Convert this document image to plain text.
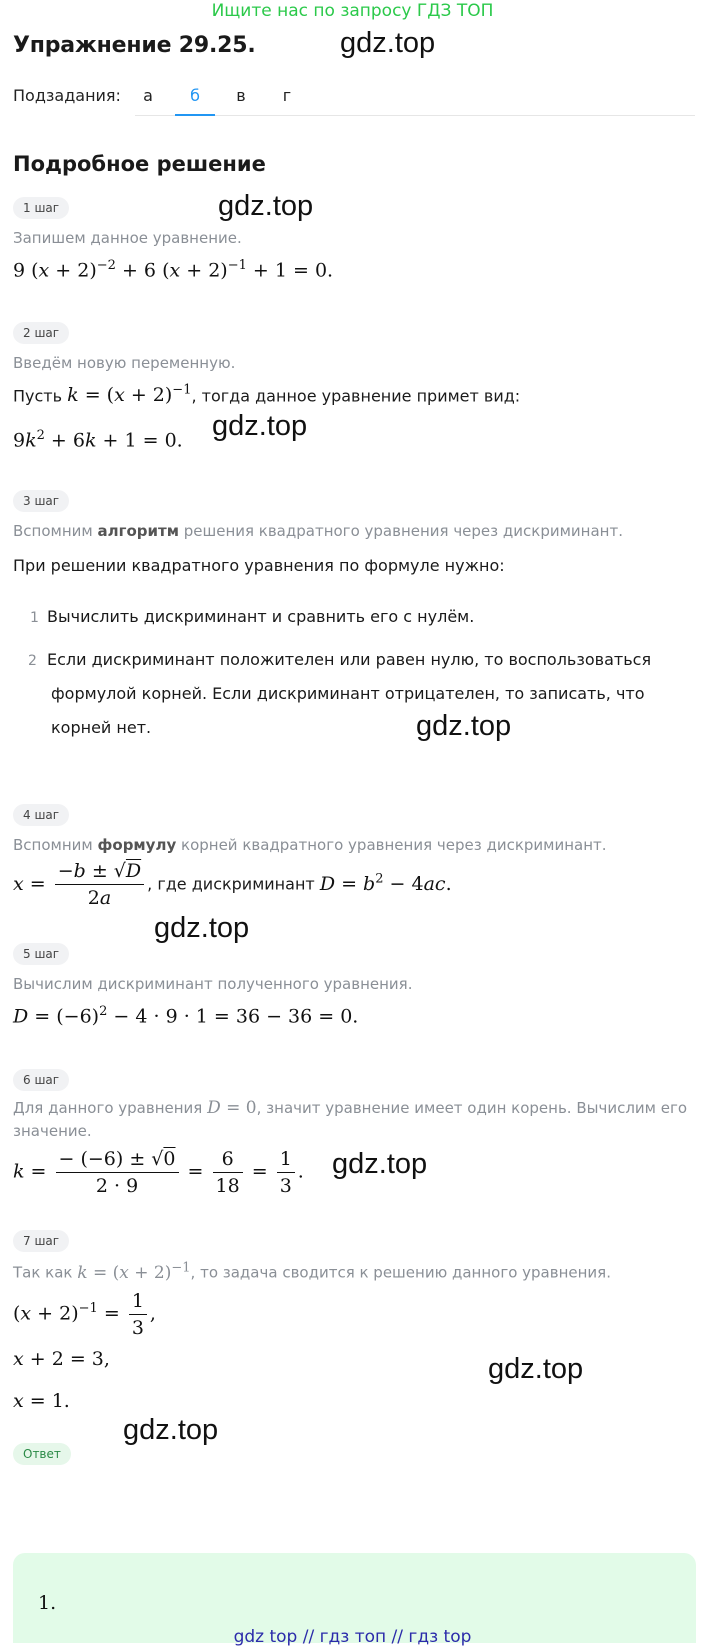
Ищите нас по запросу ГДЗ ТОП
Упражнение 29.25.	gdz.top
Подзадания:	а	б	в	г
Подробное решение
1 шаг	gdz.top
Запишем данное уравнение.
9 $(x + 2)^{-2} + 6$ $(x + 2)^{-1} + 1 = 0$.
2 шаг
Введём новую переменную.
Пусть $k = (x + 2)^{-1}$, тогда данное уравнение примет вид:
$9k^2 + 6k + 1 = 0$. gdz.top
3 шаг
Вспомним алгоритм решения квадратного уравнения через дискриминант.
При решении квадратного уравнения по формуле нужно:
1 Вычислить дискриминант и сравнить его с нулём.
2 Если дискриминант положителен или равен нулю, то воспользоваться
формулой корней. Если дискриминант отрицателен, то записать, что
корней нет.	gdz.top
4 шаг
Вспомним формулу корней квадратного уравнения через дискриминант.
$x = \frac{-b \pm √D}{2a}$ , где дискриминант $D = b^2 - 4ac$.
gdz.top
5 шаг
Вычислим дискриминант полученного уравнения.
$D = (-6)^2 - 4 \cdot 9 \cdot 1 = 36 - 36 = 0$.
6 шаг
Для данного уравнения D = 0, значит уравнение имеет один корень. Вычислим его
значение.
$k = \frac{- (-6) \pm √0}{2 \cdot 9} = \frac{6}{18} = \frac{1}{3}$ . gdz.top
7 шаг
Так как $k = (x + 2)^{-1}$, то задача сводится к решению данного уравнения.
$(x + 2)^{-1} = \frac{1}{3}$ ,
x + 2 = 3,
x = 1.
gdz.top
gdz.top
Ответ
1.
gdz top // гдз топ // гдз top
